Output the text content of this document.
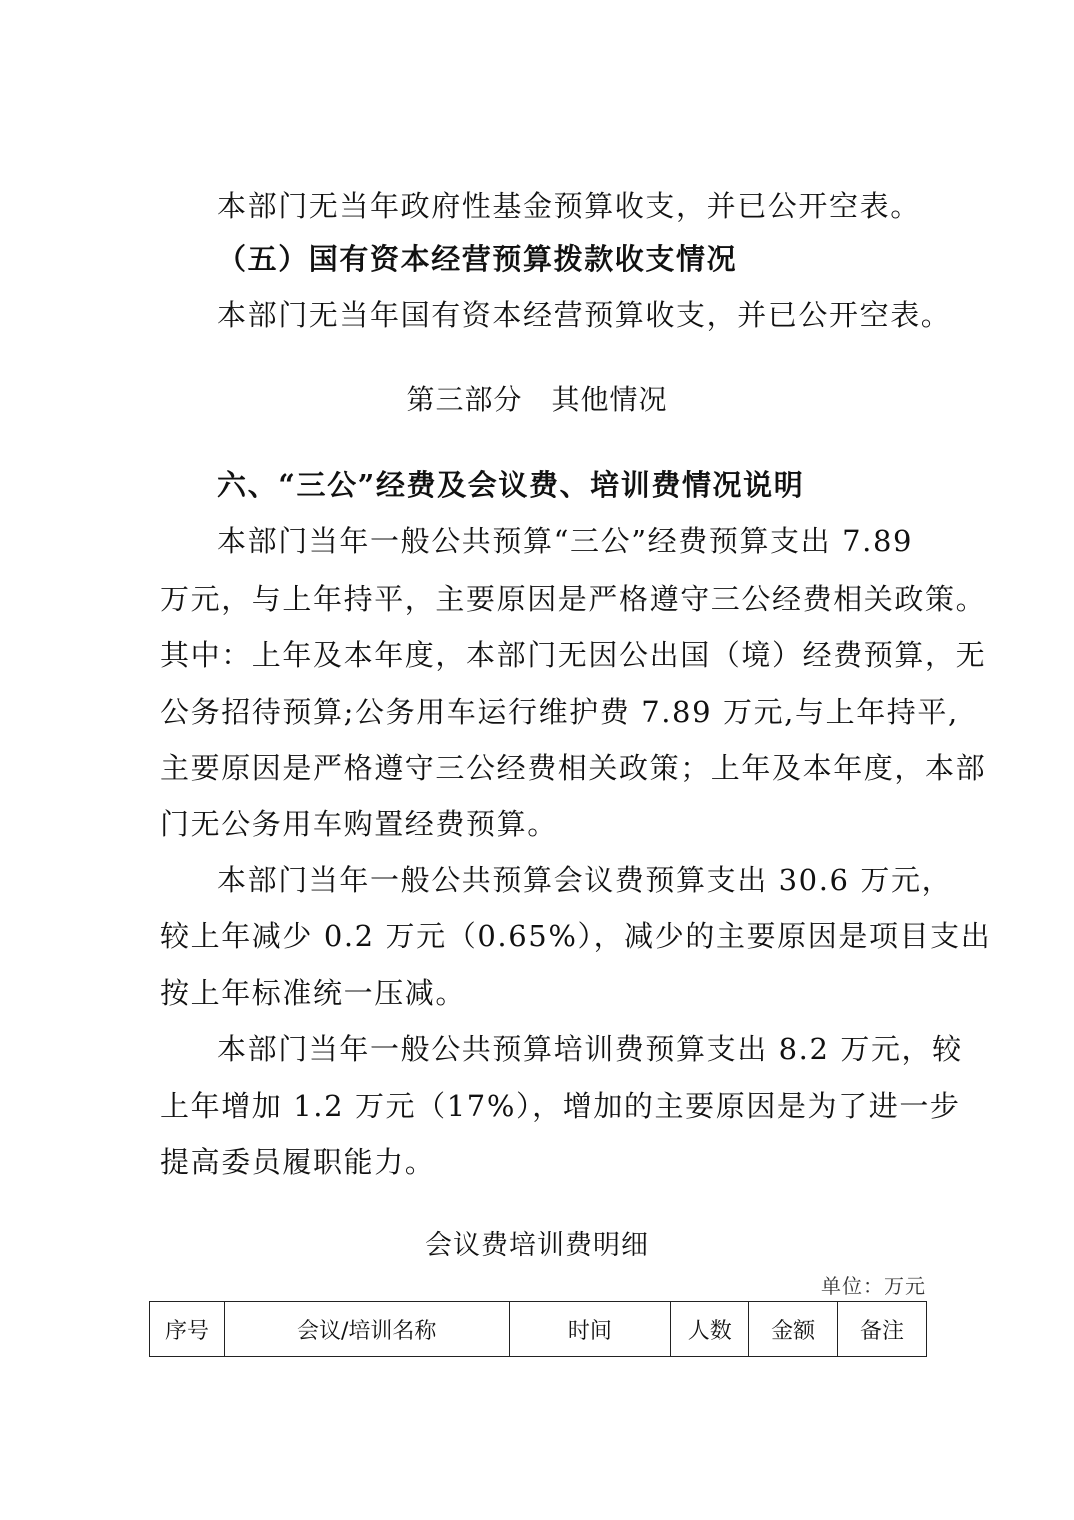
本部门无当年政府性基金预算收支，并已公开空表。
（五）国有资本经营预算拨款收支情况
本部门无当年国有资本经营预算收支，并已公开空表。
第三部分　其他情况
六、“三公”经费及会议费、培训费情况说明
本部门当年一般公共预算“三公”经费预算支出 7.89
万元，与上年持平，主要原因是严格遵守三公经费相关政策。
其中：上年及本年度，本部门无因公出国（境）经费预算，无
公务招待预算;公务用车运行维护费 7.89 万元,与上年持平,
主要原因是严格遵守三公经费相关政策；上年及本年度，本部
门无公务用车购置经费预算。
本部门当年一般公共预算会议费预算支出 30.6 万元，
较上年减少 0.2 万元（0.65%），减少的主要原因是项目支出
按上年标准统一压减。
本部门当年一般公共预算培训费预算支出 8.2 万元，较
上年增加 1.2 万元（17%），增加的主要原因是为了进一步
提高委员履职能力。
会议费培训费明细
单位：万元
序号	会议/培训名称	时间	人数	金额	备注
